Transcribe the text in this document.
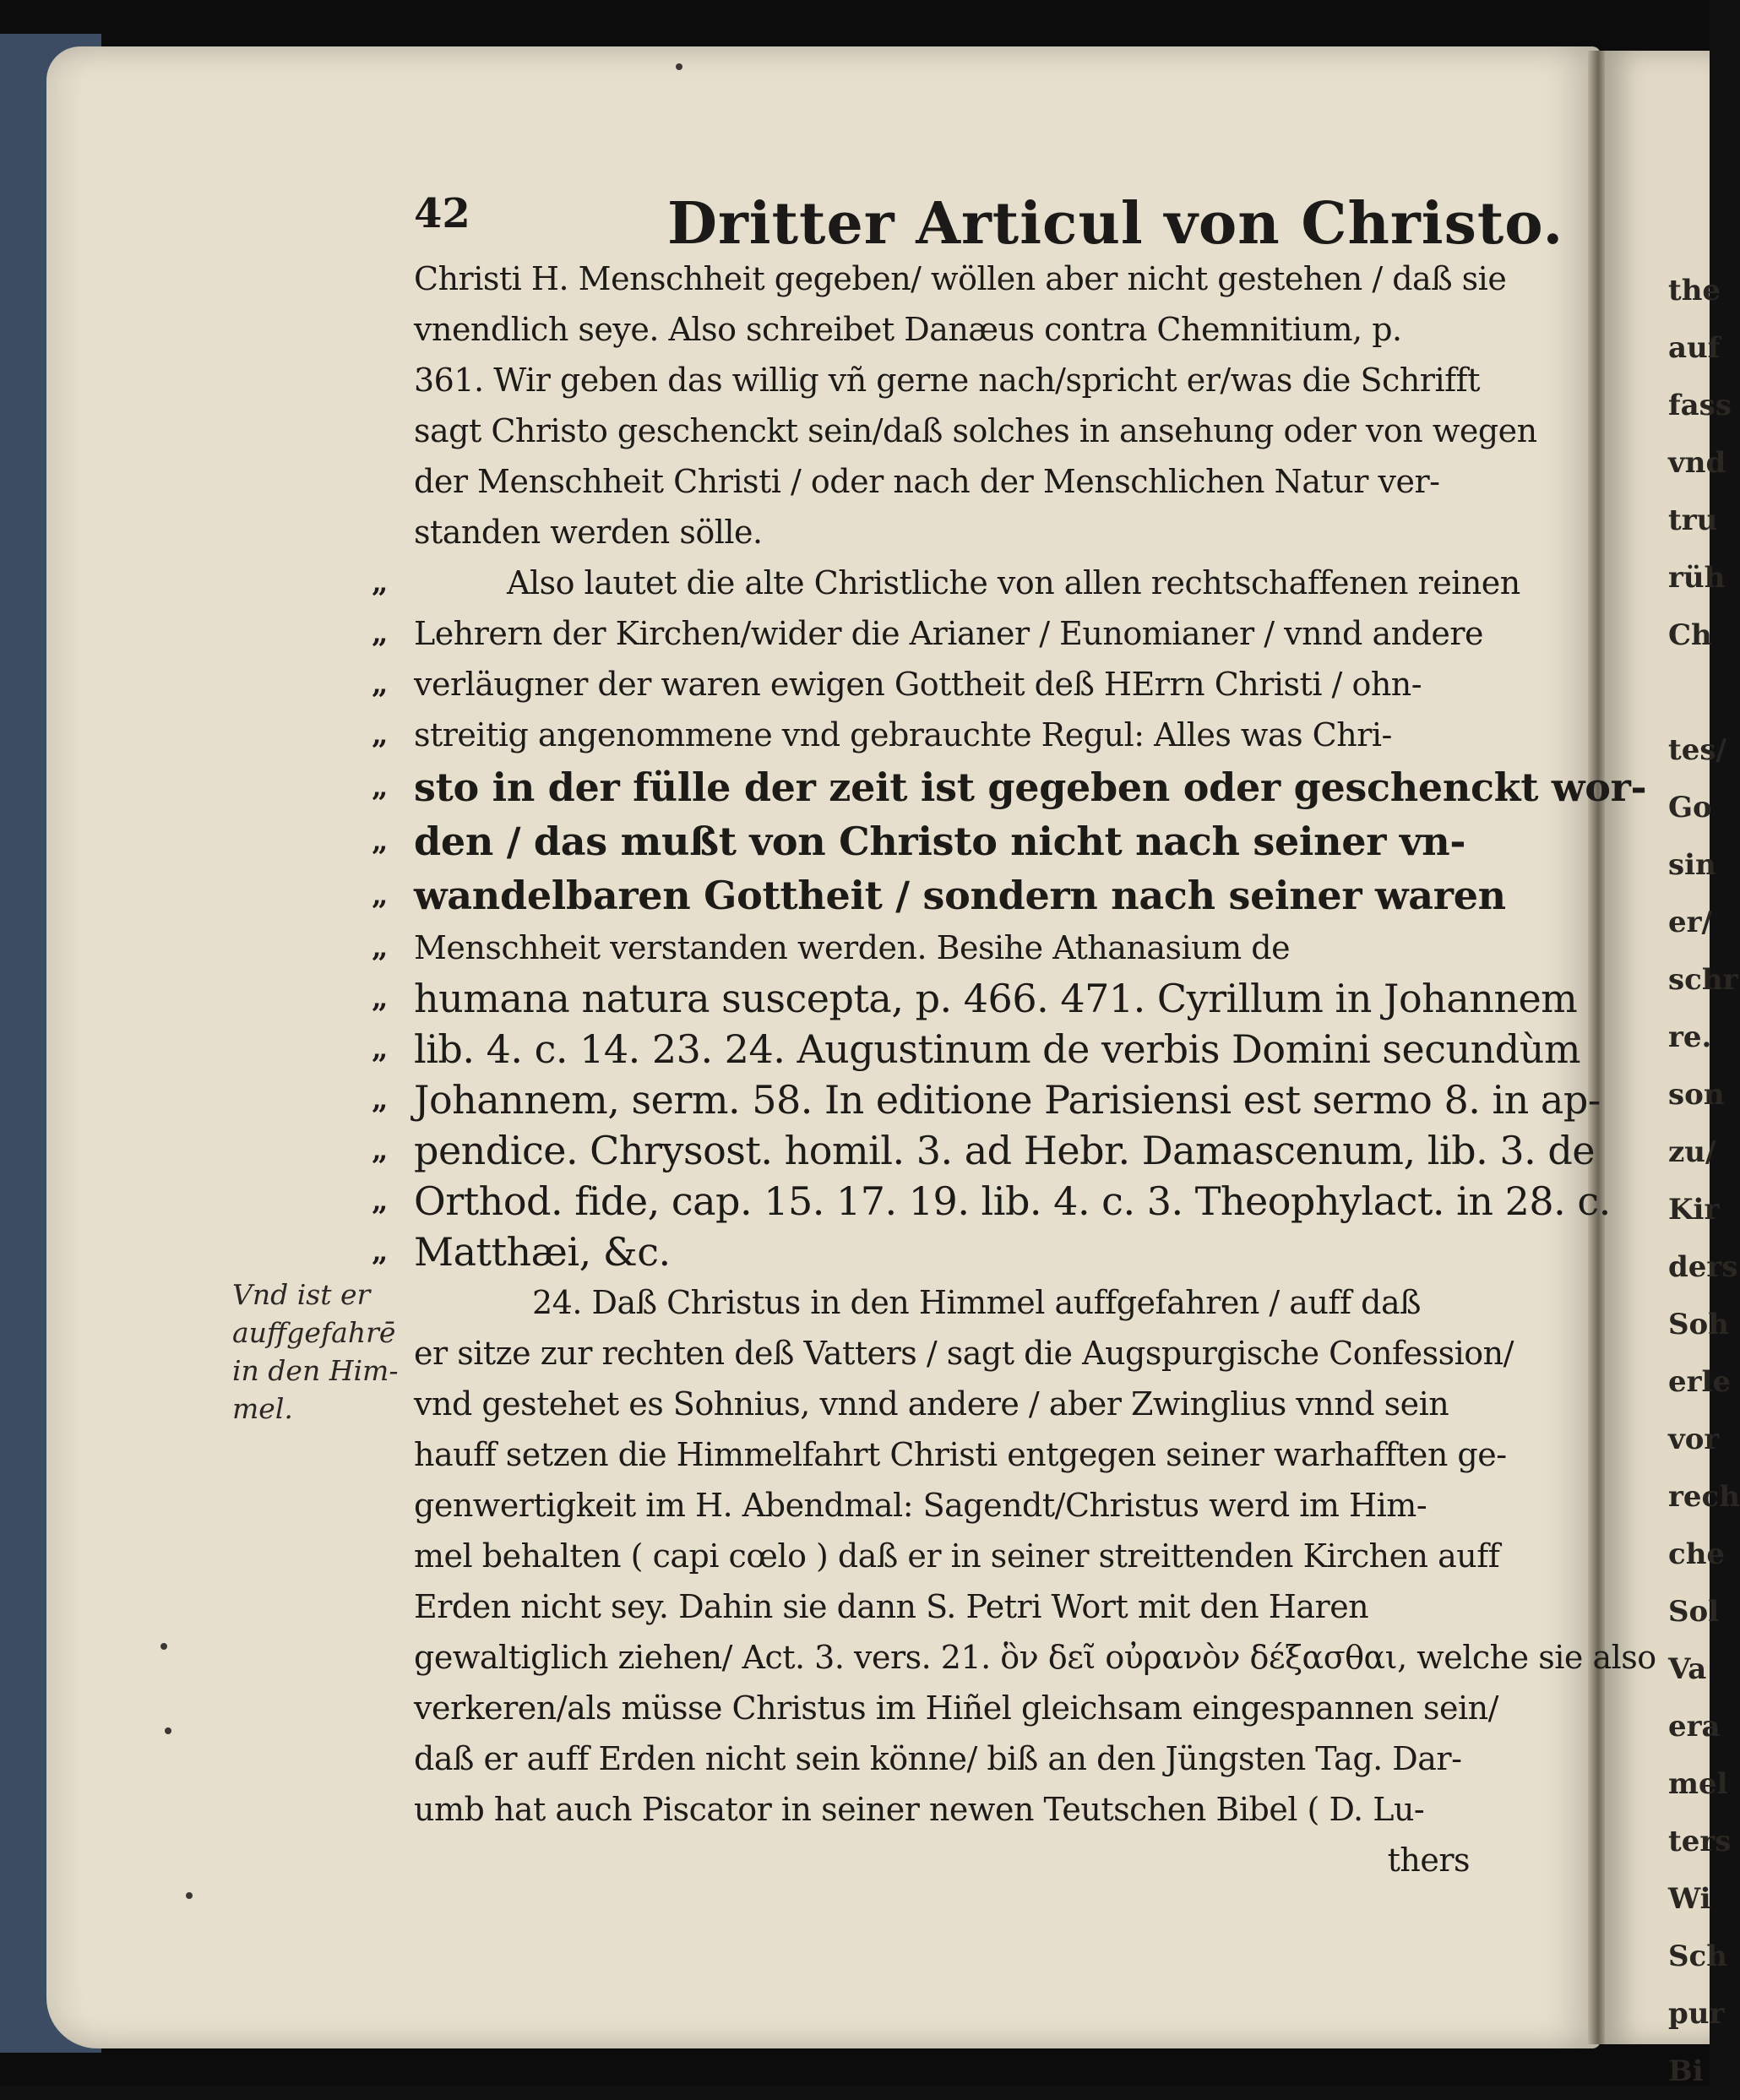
42	Dritter Articul von Christo.
Christi H. Menschheit gegeben/ wöllen aber nicht gestehen / daß sie
vnendlich seye. Also schreibet Danæus contra Chemnitium, p.
361. Wir geben das willig vñ gerne nach/spricht er/was die Schrifft
sagt Christo geschenckt sein/daß solches in ansehung oder von wegen
der Menschheit Christi / oder nach der Menschlichen Natur ver-
standen werden sölle.
„	Also lautet die alte Christliche von allen rechtschaffenen reinen
„ Lehrern der Kirchen/wider die Arianer / Eunomianer / vnnd andere
„ verläugner der waren ewigen Gottheit deß HErrn Christi / ohn-
„ streitig angenommene vnd gebrauchte Regul: Alles was Chri-
„ sto in der fülle der zeit ist gegeben oder geschenckt wor-
„ den / das mußt von Christo nicht nach seiner vn-
„ wandelbaren Gottheit / sondern nach seiner waren
„ Menschheit verstanden werden. Besihe Athanasium de
„ humana natura suscepta, p. 466. 471. Cyrillum in Johannem
„ lib. 4. c. 14. 23. 24. Augustinum de verbis Domini secundùm
„ Johannem, serm. 58. In editione Parisiensi est sermo 8. in ap-
„ pendice. Chrysost. homil. 3. ad Hebr. Damascenum, lib. 3. de
„ Orthod. fide, cap. 15. 17. 19. lib. 4. c. 3. Theophylact. in 28. c.
„ Matthæi, &c.
24. Daß Christus in den Himmel auffgefahren / auff daß
er sitze zur rechten deß Vatters / sagt die Augspurgische Confession/
vnd gestehet es Sohnius, vnnd andere / aber Zwinglius vnnd sein
hauff setzen die Himmelfahrt Christi entgegen seiner warhafften ge-
genwertigkeit im H. Abendmal: Sagendt/Christus werd im Him-
mel behalten ( capi cœlo ) daß er in seiner streittenden Kirchen auff
Erden nicht sey. Dahin sie dann S. Petri Wort mit den Haren
gewaltiglich ziehen/ Act. 3. vers. 21. ὃν δεῖ οὐρανὸν δέξασθαι, welche sie also
verkeren/als müsse Christus im Hiñel gleichsam eingespannen sein/
daß er auff Erden nicht sein könne/ biß an den Jüngsten Tag. Dar-
umb hat auch Piscator in seiner newen Teutschen Bibel ( D. Lu-
thers
Vnd ist er
auffgefahrē
in den Him-
mel.
the
auf
fass
vnd
tru
rüh
Ch
tes/
Go
sin
er/
schr
re.
son
zu/
Kir
ders
Soh
erle
vor
rech
che
Sol
Va
era
mel
ters
Wi
Sch
pur
Bi
